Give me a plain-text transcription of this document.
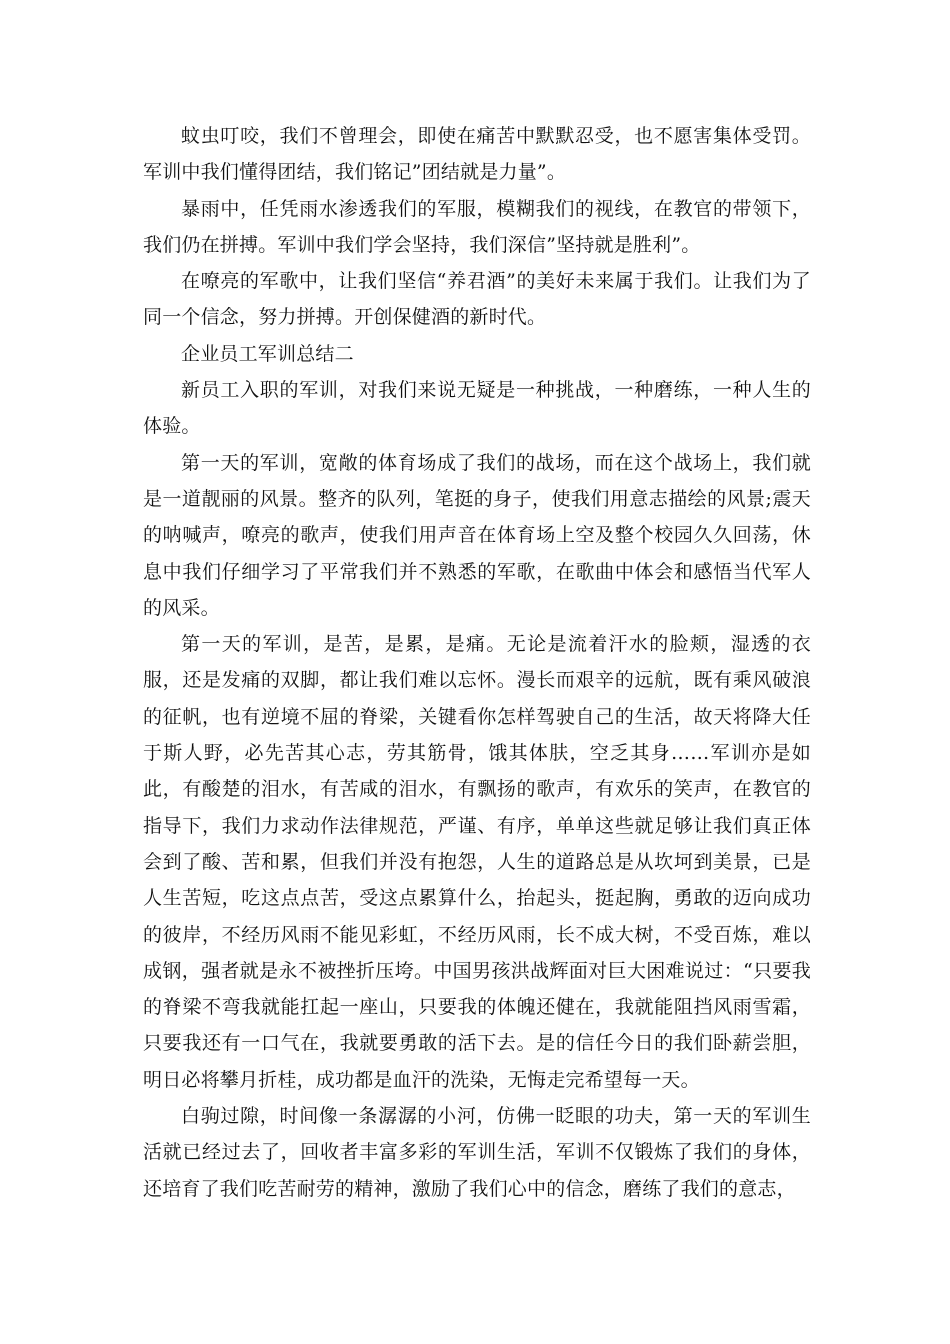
蚊虫叮咬，我们不曾理会，即使在痛苦中默默忍受，也不愿害集体受罚。军训中我们懂得团结，我们铭记”团结就是力量”。

暴雨中，任凭雨水渗透我们的军服，模糊我们的视线，在教官的带领下，我们仍在拼搏。军训中我们学会坚持，我们深信”坚持就是胜利”。

在嘹亮的军歌中，让我们坚信“养君酒”的美好未来属于我们。让我们为了同一个信念，努力拼搏。开创保健酒的新时代。

企业员工军训总结二

新员工入职的军训，对我们来说无疑是一种挑战，一种磨练，一种人生的体验。

第一天的军训，宽敞的体育场成了我们的战场，而在这个战场上，我们就是一道靓丽的风景。整齐的队列，笔挺的身子，使我们用意志描绘的风景;震天的呐喊声，嘹亮的歌声，使我们用声音在体育场上空及整个校园久久回荡，休息中我们仔细学习了平常我们并不熟悉的军歌，在歌曲中体会和感悟当代军人的风采。

第一天的军训，是苦，是累，是痛。无论是流着汗水的脸颊，湿透的衣服，还是发痛的双脚，都让我们难以忘怀。漫长而艰辛的远航，既有乘风破浪的征帆，也有逆境不屈的脊梁，关键看你怎样驾驶自己的生活，故天将降大任于斯人野，必先苦其心志，劳其筋骨，饿其体肤，空乏其身……军训亦是如此，有酸楚的泪水，有苦咸的泪水，有飘扬的歌声，有欢乐的笑声，在教官的指导下，我们力求动作法律规范，严谨、有序，单单这些就足够让我们真正体会到了酸、苦和累，但我们并没有抱怨，人生的道路总是从坎坷到美景，已是人生苦短，吃这点点苦，受这点累算什么，抬起头，挺起胸，勇敢的迈向成功的彼岸，不经历风雨不能见彩虹，不经历风雨，长不成大树，不受百炼，难以成钢，强者就是永不被挫折压垮。中国男孩洪战辉面对巨大困难说过：“只要我的脊梁不弯我就能扛起一座山，只要我的体魄还健在，我就能阻挡风雨雪霜，只要我还有一口气在，我就要勇敢的活下去。是的信任今日的我们卧薪尝胆，明日必将攀月折桂，成功都是血汗的洗染，无悔走完希望每一天。

白驹过隙，时间像一条潺潺的小河，仿佛一眨眼的功夫，第一天的军训生活就已经过去了，回收者丰富多彩的军训生活，军训不仅锻炼了我们的身体，还培育了我们吃苦耐劳的精神，激励了我们心中的信念，磨练了我们的意志，
